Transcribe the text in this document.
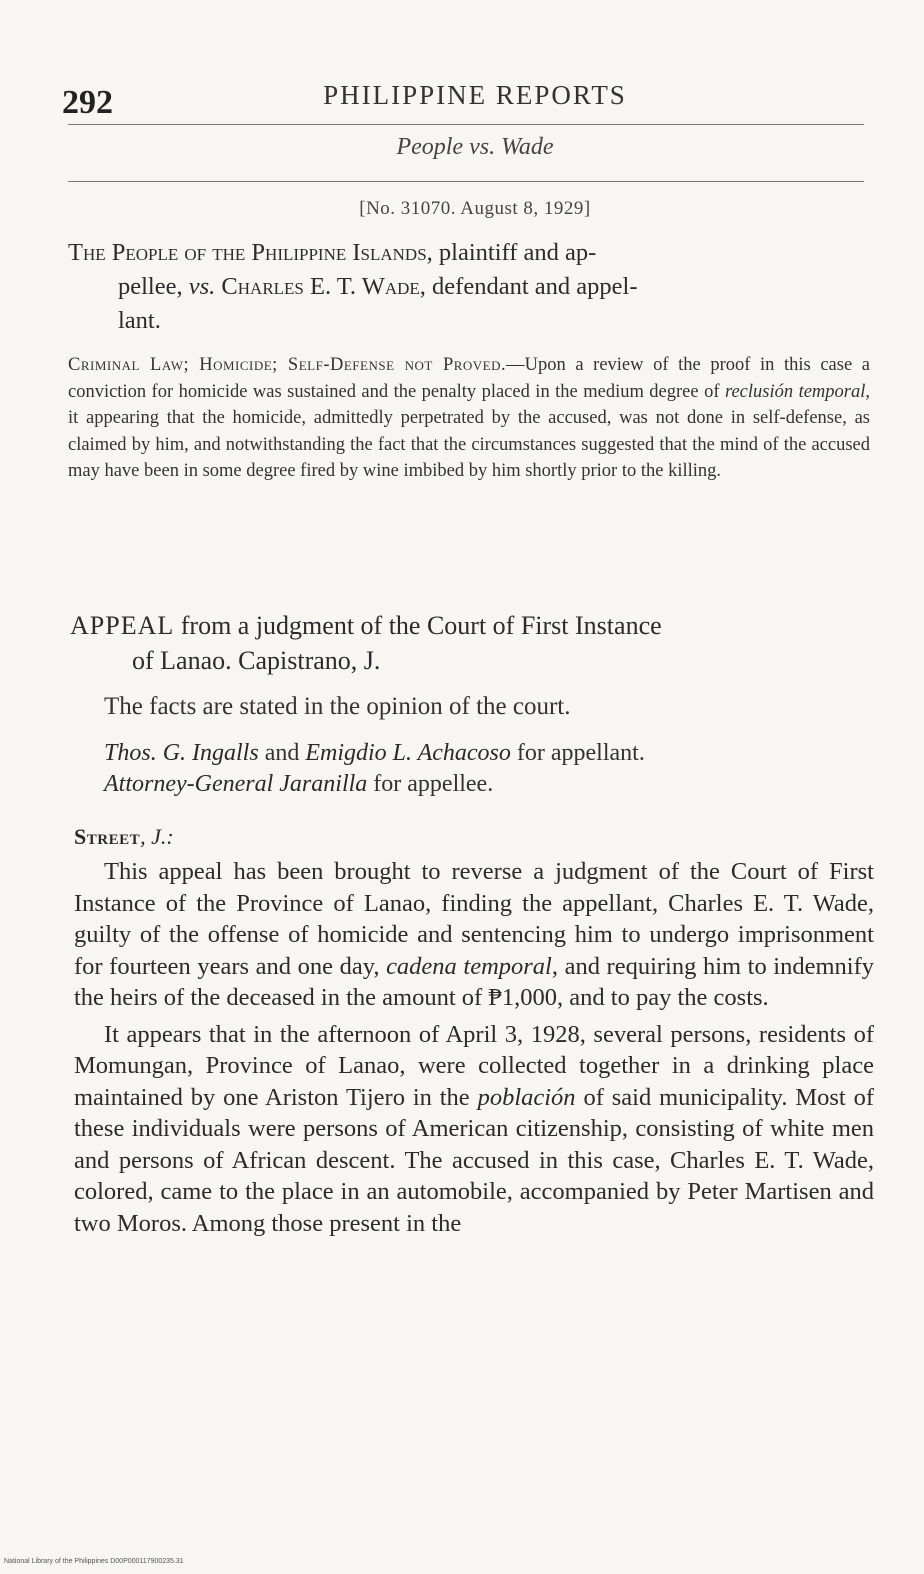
292	PHILIPPINE REPORTS
People vs. Wade
[No. 31070. August 8, 1929]
The People of the Philippine Islands, plaintiff and ap-
pellee, vs. Charles E. T. Wade, defendant and appel-
lant.
Criminal Law; Homicide; Self-Defense not Proved.—Upon a review of the proof in this case a conviction for homicide was sustained and the penalty placed in the medium degree of reclusión temporal, it appearing that the homicide, admittedly perpetrated by the accused, was not done in self-defense, as claimed by him, and notwithstanding the fact that the circumstances suggested that the mind of the accused may have been in some degree fired by wine imbibed by him shortly prior to the killing.
APPEAL from a judgment of the Court of First Instance
of Lanao. Capistrano, J.
The facts are stated in the opinion of the court.
Thos. G. Ingalls and Emigdio L. Achacoso for appellant.
Attorney-General Jaranilla for appellee.
Street, J.:

This appeal has been brought to reverse a judgment of the Court of First Instance of the Province of Lanao, finding the appellant, Charles E. T. Wade, guilty of the offense of homicide and sentencing him to undergo imprisonment for fourteen years and one day, cadena temporal, and requiring him to indemnify the heirs of the deceased in the amount of ₱1,000, and to pay the costs.

It appears that in the afternoon of April 3, 1928, several persons, residents of Momungan, Province of Lanao, were collected together in a drinking place maintained by one Ariston Tijero in the población of said municipality. Most of these individuals were persons of American citizenship, consisting of white men and persons of African descent. The accused in this case, Charles E. T. Wade, colored, came to the place in an automobile, accompanied by Peter Martisen and two Moros. Among those present in the

National Library of the Philippines D00P000117900235.31
